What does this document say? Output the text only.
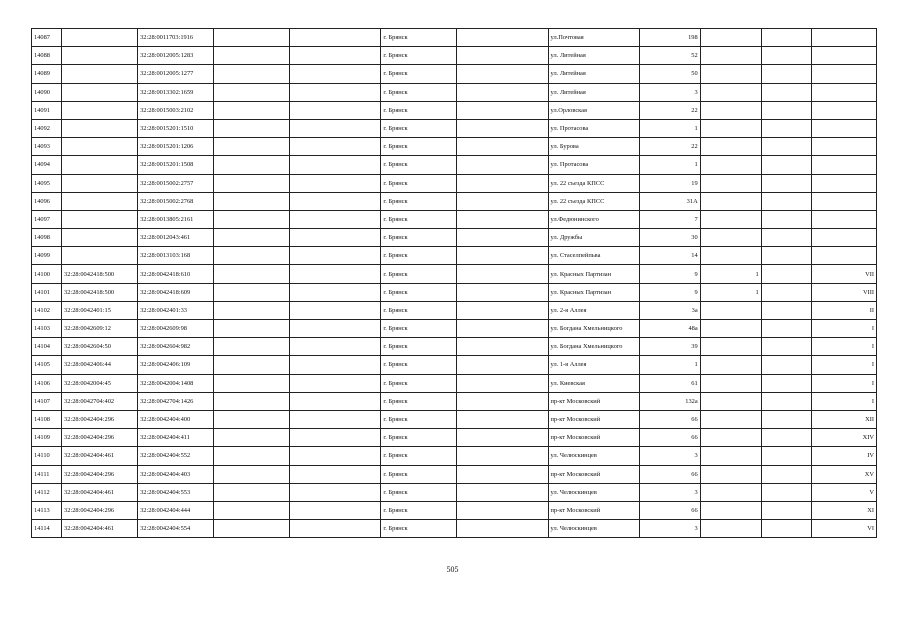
14087		32:28:0011703:1916			г. Брянск		ул.Почтовая	198			
14088		32:28:0012005:1283			г. Брянск		ул. Литейная	52			
14089		32:28:0012005:1277			г. Брянск		ул. Литейная	50			
14090		32:28:0013302:1659			г. Брянск		ул. Литейная	3			
14091		32:28:0015003:2102			г. Брянск		ул.Орловская	22			
14092		32:28:0015201:1510			г. Брянск		ул. Протасова	1			
14093		32:28:0015201:1206			г. Брянск		ул. Бурова	22			
14094		32:28:0015201:1508			г. Брянск		ул. Протасова	1			
14095		32:28:0015002:2757			г. Брянск		ул. 22 съезда КПСС	19			
14096		32:28:0015002:2768			г. Брянск		ул. 22 съезда КПСС	31А			
14097		32:28:0013805:2161			г. Брянск		ул.Федюнинского	7			
14098		32:28:0012043:461			г. Брянск		ул. Дружбы	30			
14099		32:28:0013103:168			г. Брянск		ул. Стаселпейпьва	14			
14100	32:28:0042418:500	32:28:0042418:610			г. Брянск		ул. Красных Партизан	9	1		VII
14101	32:28:0042418:500	32:28:0042418:609			г. Брянск		ул. Красных Партизан	9	1		VIII
14102	32:28:0042401:15	32:28:0042401:33			г. Брянск		ул. 2-я Аллея	3а			II
14103	32:28:0042609:12	32:28:0042609:98			г. Брянск		ул. Богдана Хмельницкого	48а			I
14104	32:28:0042604:50	32:28:0042604:982			г. Брянск		ул. Богдана Хмельницкого	39			I
14105	32:28:0042406:44	32:28:0042406:109			г. Брянск		ул. 1-я Аллея	1			I
14106	32:28:0042004:45	32:28:0042004:1408			г. Брянск		ул. Киевская	61			I
14107	32:28:0042704:402	32:28:0042704:1426			г. Брянск		пр-кт Московский	132а			I
14108	32:28:0042404:296	32:28:0042404:400			г. Брянск		пр-кт Московский	66			XII
14109	32:28:0042404:296	32:28:0042404:411			г. Брянск		пр-кт Московский	66			XIV
14110	32:28:0042404:461	32:28:0042404:552			г. Брянск		ул. Челюскинцев	3			IV
14111	32:28:0042404:296	32:28:0042404:403			г. Брянск		пр-кт Московский	66			XV
14112	32:28:0042404:461	32:28:0042404:553			г. Брянск		ул. Челюскинцев	3			V
14113	32:28:0042404:296	32:28:0042404:444			г. Брянск		пр-кт Московский	66			XI
14114	32:28:0042404:461	32:28:0042404:554			г. Брянск		ул. Челюскинцев	3			VI
505
